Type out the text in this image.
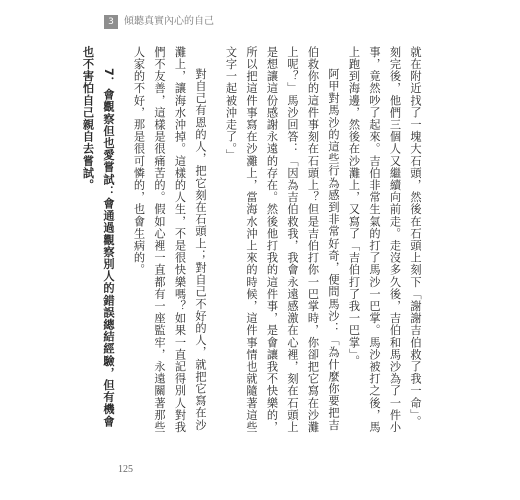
3	傾聽真實內心的自己
就在附近找了一塊大石頭，然後在石頭上刻下「謝謝吉伯救了我一命」。刻完後，他們三個人又繼續向前走。走沒多久後，吉伯和馬沙為了一件小事，竟然吵了起來。吉伯非常生氣的打了馬沙一巴掌。馬沙被打之後，馬上跑到海邊，然後在沙灘上，又寫了「吉伯打了我一巴掌」。
阿甲對馬沙的這些行為感到非常好奇，便問馬沙：「為什麼你要把吉伯救你的這件事刻在石頭上？但是吉伯打你一巴掌時，你卻把它寫在沙灘上呢？」馬沙回答：「因為吉伯救我，我會永遠感激在心裡，刻在石頭上是想讓這份感謝永遠的存在。然後他打我的這件事，是會讓我不快樂的，所以把這件事寫在沙灘上，當海水沖上來的時候，這件事情也就隨著這些文字一起被沖走了。」
對自己有恩的人，把它刻在石頭上；對自己不好的人，就把它寫在沙灘上，讓海水沖掉。這樣的人生，不是很快樂嗎？如果一直記得別人對我們不友善，這樣是很痛苦的。假如心裡一直都有一座監牢，永遠關著那些人家的不好，那是很可憐的，也會生病的。
7．會觀察但也愛嘗試：會通過觀察別人的錯誤總結經驗，但有機會也不害怕自己親自去嘗試。
125
